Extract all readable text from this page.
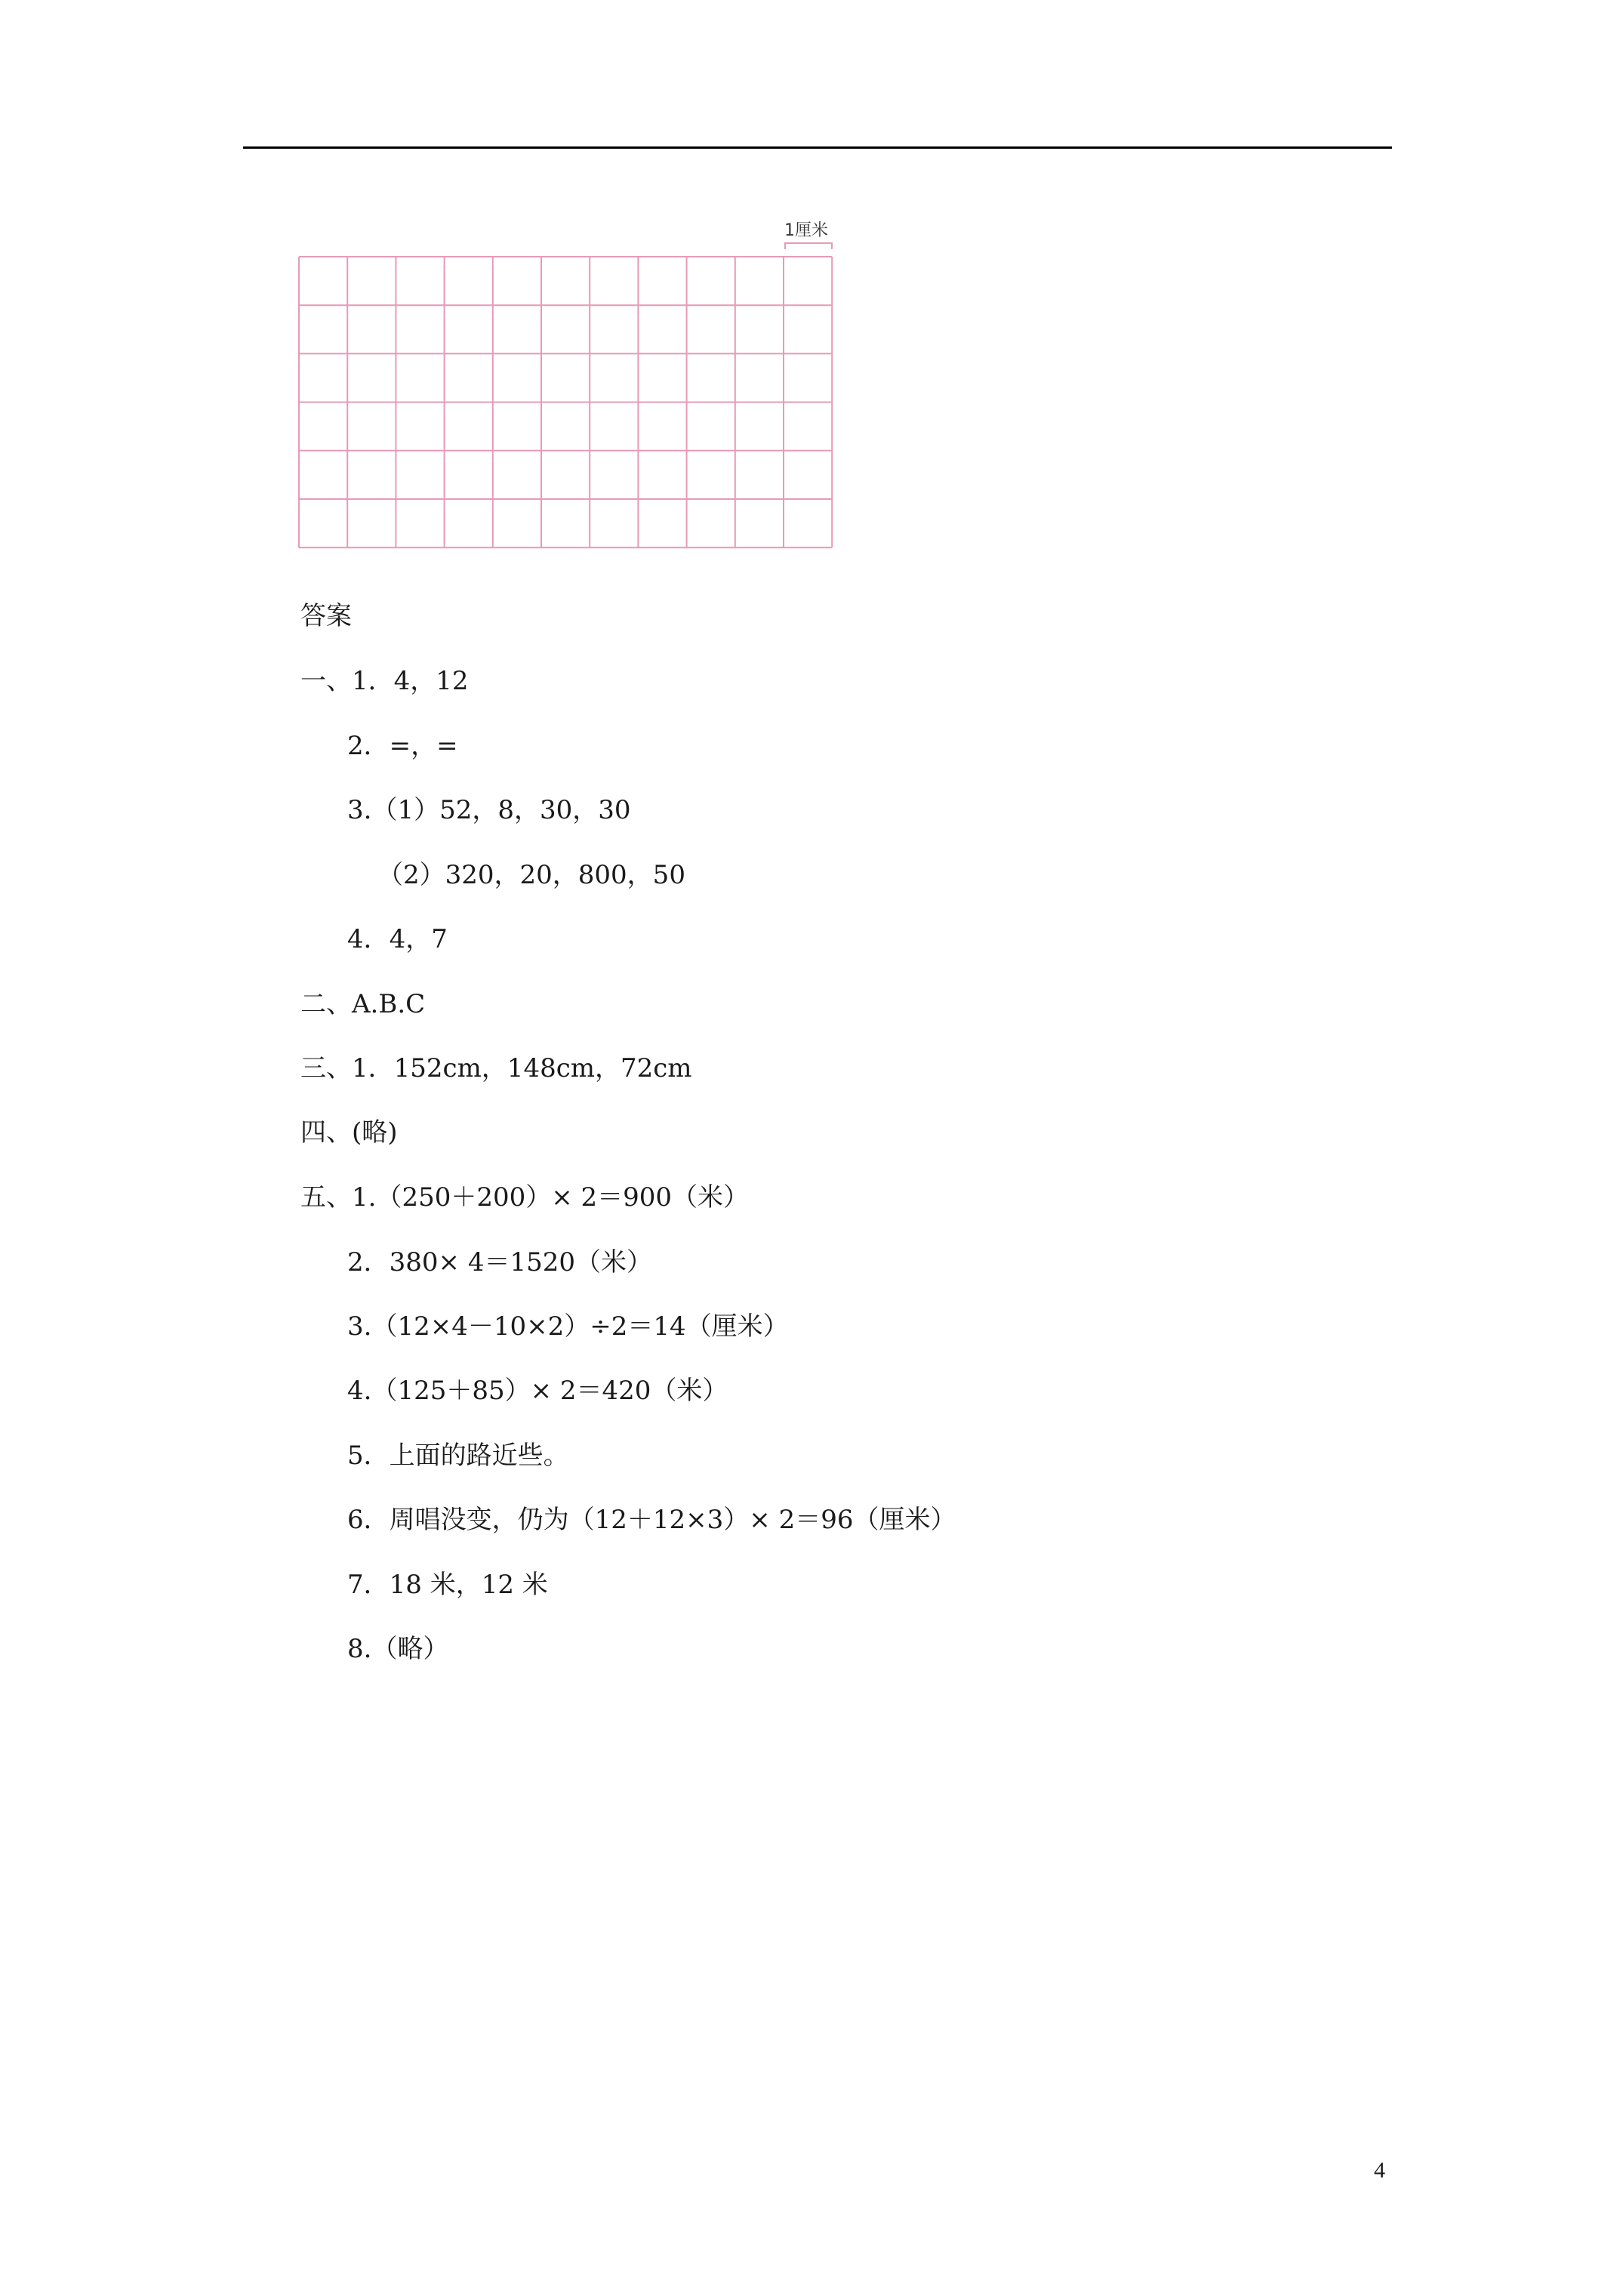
1厘米
答案
一、1．4，12
2．=，=
3.（1）52，8，30，30
（2）320，20，800，50
4．4，7
二、A.B.C
三、1．152cm，148cm，72cm
四、(略)
五、1.（250＋200）× 2＝900（米）
2．380× 4＝1520（米）
3.（12×4－10×2）÷2＝14（厘米）
4.（125＋85）× 2＝420（米）
5．上面的路近些。
6．周唱没变，仍为（12＋12×3）× 2＝96（厘米）
7．18 米，12 米
8.（略）
4
